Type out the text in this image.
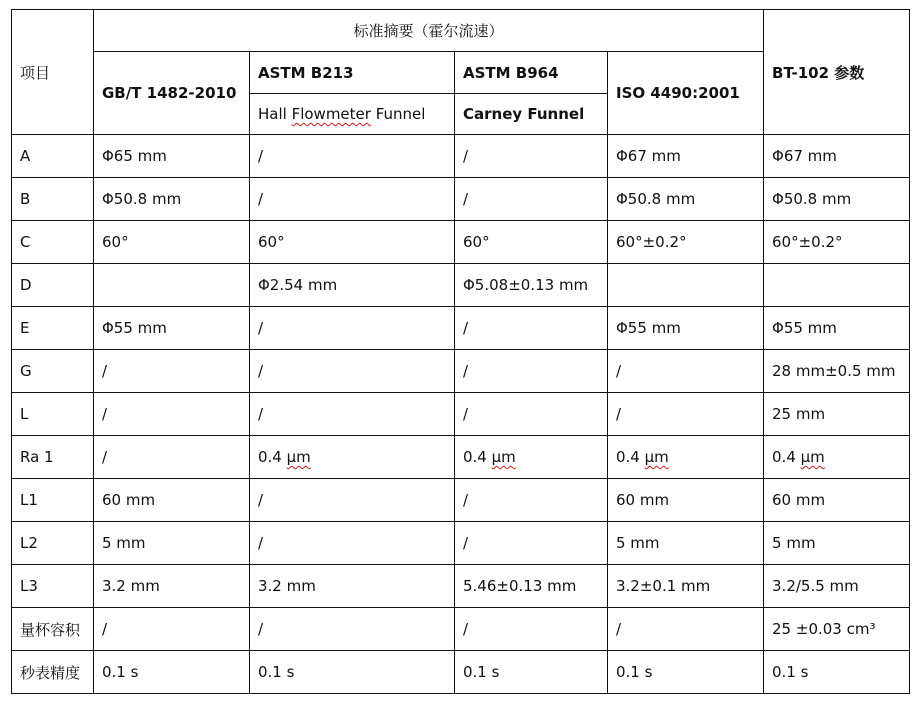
项目	标准摘要（霍尔流速）				BT-102 参数
	GB/T 1482-2010	ASTM B213	ASTM B964	ISO 4490:2001	
		Hall Flowmeter Funnel	Carney Funnel		
A	Φ65 mm	/	/	Φ67 mm	Φ67 mm
B	Φ50.8 mm	/	/	Φ50.8 mm	Φ50.8 mm
C	60°	60°	60°	60°±0.2°	60°±0.2°
D		Φ2.54 mm	Φ5.08±0.13 mm		
E	Φ55 mm	/	/	Φ55 mm	Φ55 mm
G	/	/	/	/	28 mm±0.5 mm
L	/	/	/	/	25 mm
Ra 1	/	0.4 μm	0.4 μm	0.4 μm	0.4 μm
L1	60 mm	/	/	60 mm	60 mm
L2	5 mm	/	/	5 mm	5 mm
L3	3.2 mm	3.2 mm	5.46±0.13 mm	3.2±0.1 mm	3.2/5.5 mm
量杯容积	/	/	/	/	25 ±0.03 cm³
秒表精度	0.1 s	0.1 s	0.1 s	0.1 s	0.1 s
